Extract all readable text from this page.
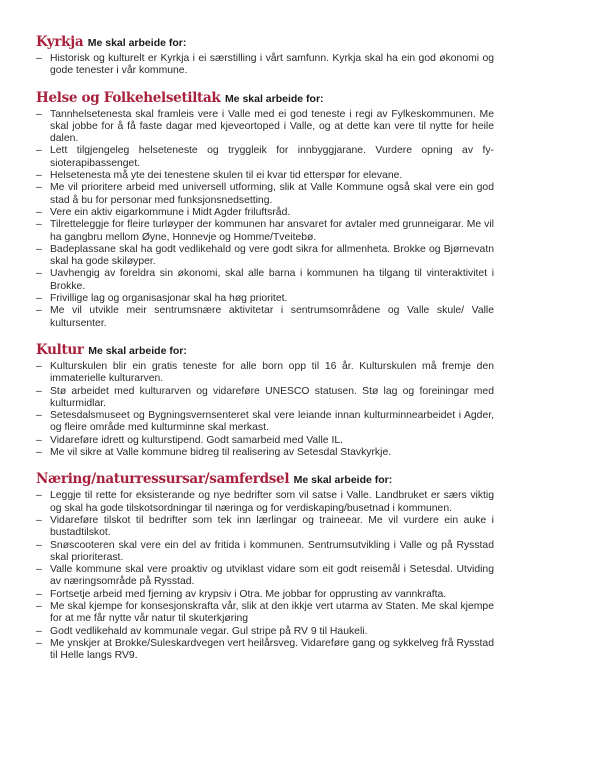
Kyrkja Me skal arbeide for:
– Historisk og kulturelt er Kyrkja i ei særstilling i vårt samfunn. Kyrkja skal ha ein god økonomi og gode tenester i vår kommune.
Helse og Folkehelsetiltak Me skal arbeide for:
– Tannhelsetenesta skal framleis vere i Valle med ei god teneste i regi av Fylkeskommunen. Me skal jobbe for å få faste dagar med kjeveortoped i Valle, og at dette kan vere til nytte for heile dalen.
– Lett tilgjengeleg helseteneste og tryggleik for innbyggjarane. Vurdere opning av fysioterapibassenget.
– Helsetenesta må yte dei tenestene skulen til ei kvar tid etterspør for elevane.
– Me vil prioritere arbeid med universell utforming, slik at Valle Kommune også skal vere ein god stad å bu for personar med funksjonsnedsetting.
– Vere ein aktiv eigarkommune i Midt Agder friluftsråd.
– Tilretteleggje for fleire turløyper der kommunen har ansvaret for avtaler med grunneigarar. Me vil ha gangbru mellom Øyne, Honnevje og Homme/Tveitebø.
– Badeplassane skal ha godt vedlikehald og vere godt sikra for allmenheta. Brokke og Bjørnevatn skal ha gode skiløyper.
– Uavhengig av foreldra sin økonomi, skal alle barna i kommunen ha tilgang til vinteraktivitet i Brokke.
– Frivillige lag og organisasjonar skal ha høg prioritet.
– Me vil utvikle meir sentrumsnære aktivitetar i sentrumsområdene og Valle skule/ Valle kultursenter.
Kultur Me skal arbeide for:
– Kulturskulen blir ein gratis teneste for alle born opp til 16 år. Kulturskulen må fremje den immaterielle kulturarven.
– Stø arbeidet med kulturarven og vidareføre UNESCO statusen. Stø lag og foreiningar med kulturmidlar.
– Setesdalsmuseet og Bygningsvernsenteret skal vere leiande innan kulturminnearbeidet i Agder, og fleire område med kulturminne skal merkast.
– Vidareføre idrett og kulturstipend. Godt samarbeid med Valle IL.
– Me vil sikre at Valle kommune bidreg til realisering av Setesdal Stavkyrkje.
Næring/naturressursar/samferdsel Me skal arbeide for:
– Leggje til rette for eksisterande og nye bedrifter som vil satse i Valle. Landbruket er særs viktig og skal ha gode tilskotsordningar til næringa og for verdiskaping/busetnad i kommunen.
– Vidareføre tilskot til bedrifter som tek inn lærlingar og traineear. Me vil vurdere ein auke i bustadtilskot.
– Snøscooteren skal vere ein del av fritida i kommunen. Sentrumsutvikling i Valle og på Rysstad skal prioriterast.
– Valle kommune skal vere proaktiv og utviklast vidare som eit godt reisemål i Setesdal. Utviding av næringsområde på Rysstad.
– Fortsetje arbeid med fjerning av krypsiv i Otra. Me jobbar for opprusting av vannkrafta.
– Me skal kjempe for konsesjonskrafta vår, slik at den ikkje vert utarma av Staten. Me skal kjempe for at me får nytte vår natur til skuterkjøring
– Godt vedlikehald av kommunale vegar. Gul stripe på RV 9 til Haukeli.
– Me ynskjer at Brokke/Suleskardvegen vert heilårsveg. Vidareføre gang og sykkelveg frå Rysstad til Helle langs RV9.
